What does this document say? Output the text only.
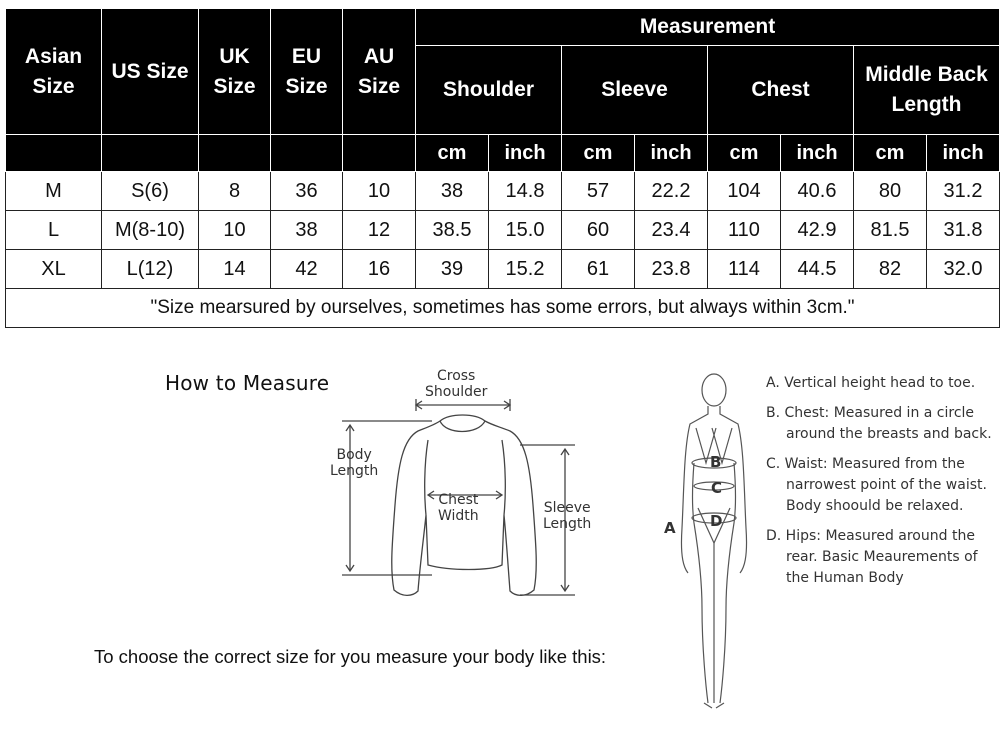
Asian Size	US Size	UK Size	EU Size	AU Size	Measurement							
					Shoulder		Sleeve		Chest		Middle Back Length	
					cm	inch	cm	inch	cm	inch	cm	inch
M	S(6)	8	36	10	38	14.8	57	22.2	104	40.6	80	31.2
L	M(8-10)	10	38	12	38.5	15.0	60	23.4	110	42.9	81.5	31.8
XL	L(12)	14	42	16	39	15.2	61	23.8	114	44.5	82	32.0
"Size mearsured by ourselves, sometimes has some errors, but always within 3cm."												
How to Measure	Cross
Shoulder
Body
Length
Chest
Width	Sleeve
Length
To choose the correct size for you measure your body like this:
B
C
D
A
A. Vertical height head to toe.
B. Chest: Measured in a circle around the breasts and back.
C. Waist: Measured from the narrowest point of the waist. Body shoould be relaxed.
D. Hips: Measured around the rear. Basic Meaurements of the Human Body
